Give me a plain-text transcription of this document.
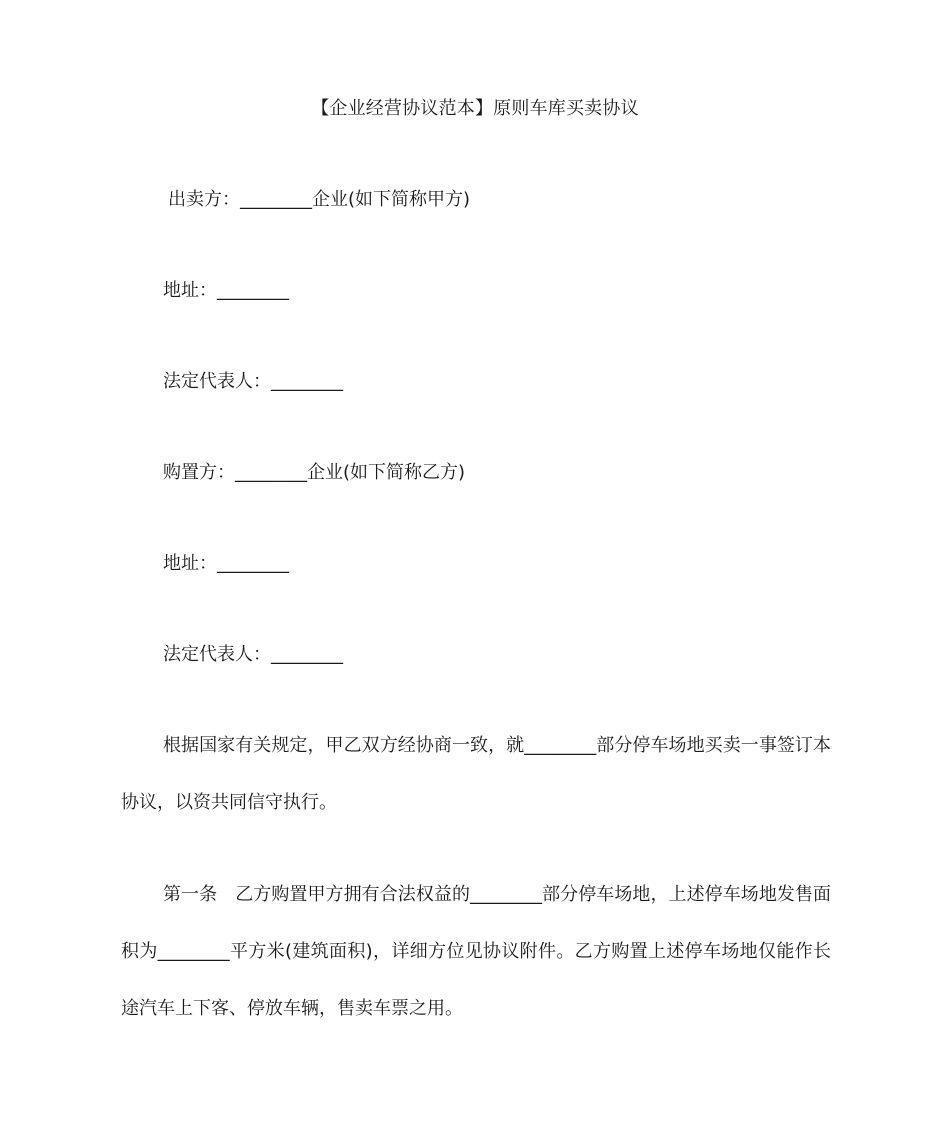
【企业经营协议范本】原则车库买卖协议
出卖方：________企业(如下简称甲方)
地址：________
法定代表人：________
购置方：________企业(如下简称乙方)
地址：________
法定代表人：________
根据国家有关规定，甲乙双方经协商一致，就________部分停车场地买卖一事签订本协议，以资共同信守执行。
第一条 乙方购置甲方拥有合法权益的________部分停车场地，上述停车场地发售面积为________平方米(建筑面积)，详细方位见协议附件。乙方购置上述停车场地仅能作长途汽车上下客、停放车辆，售卖车票之用。
